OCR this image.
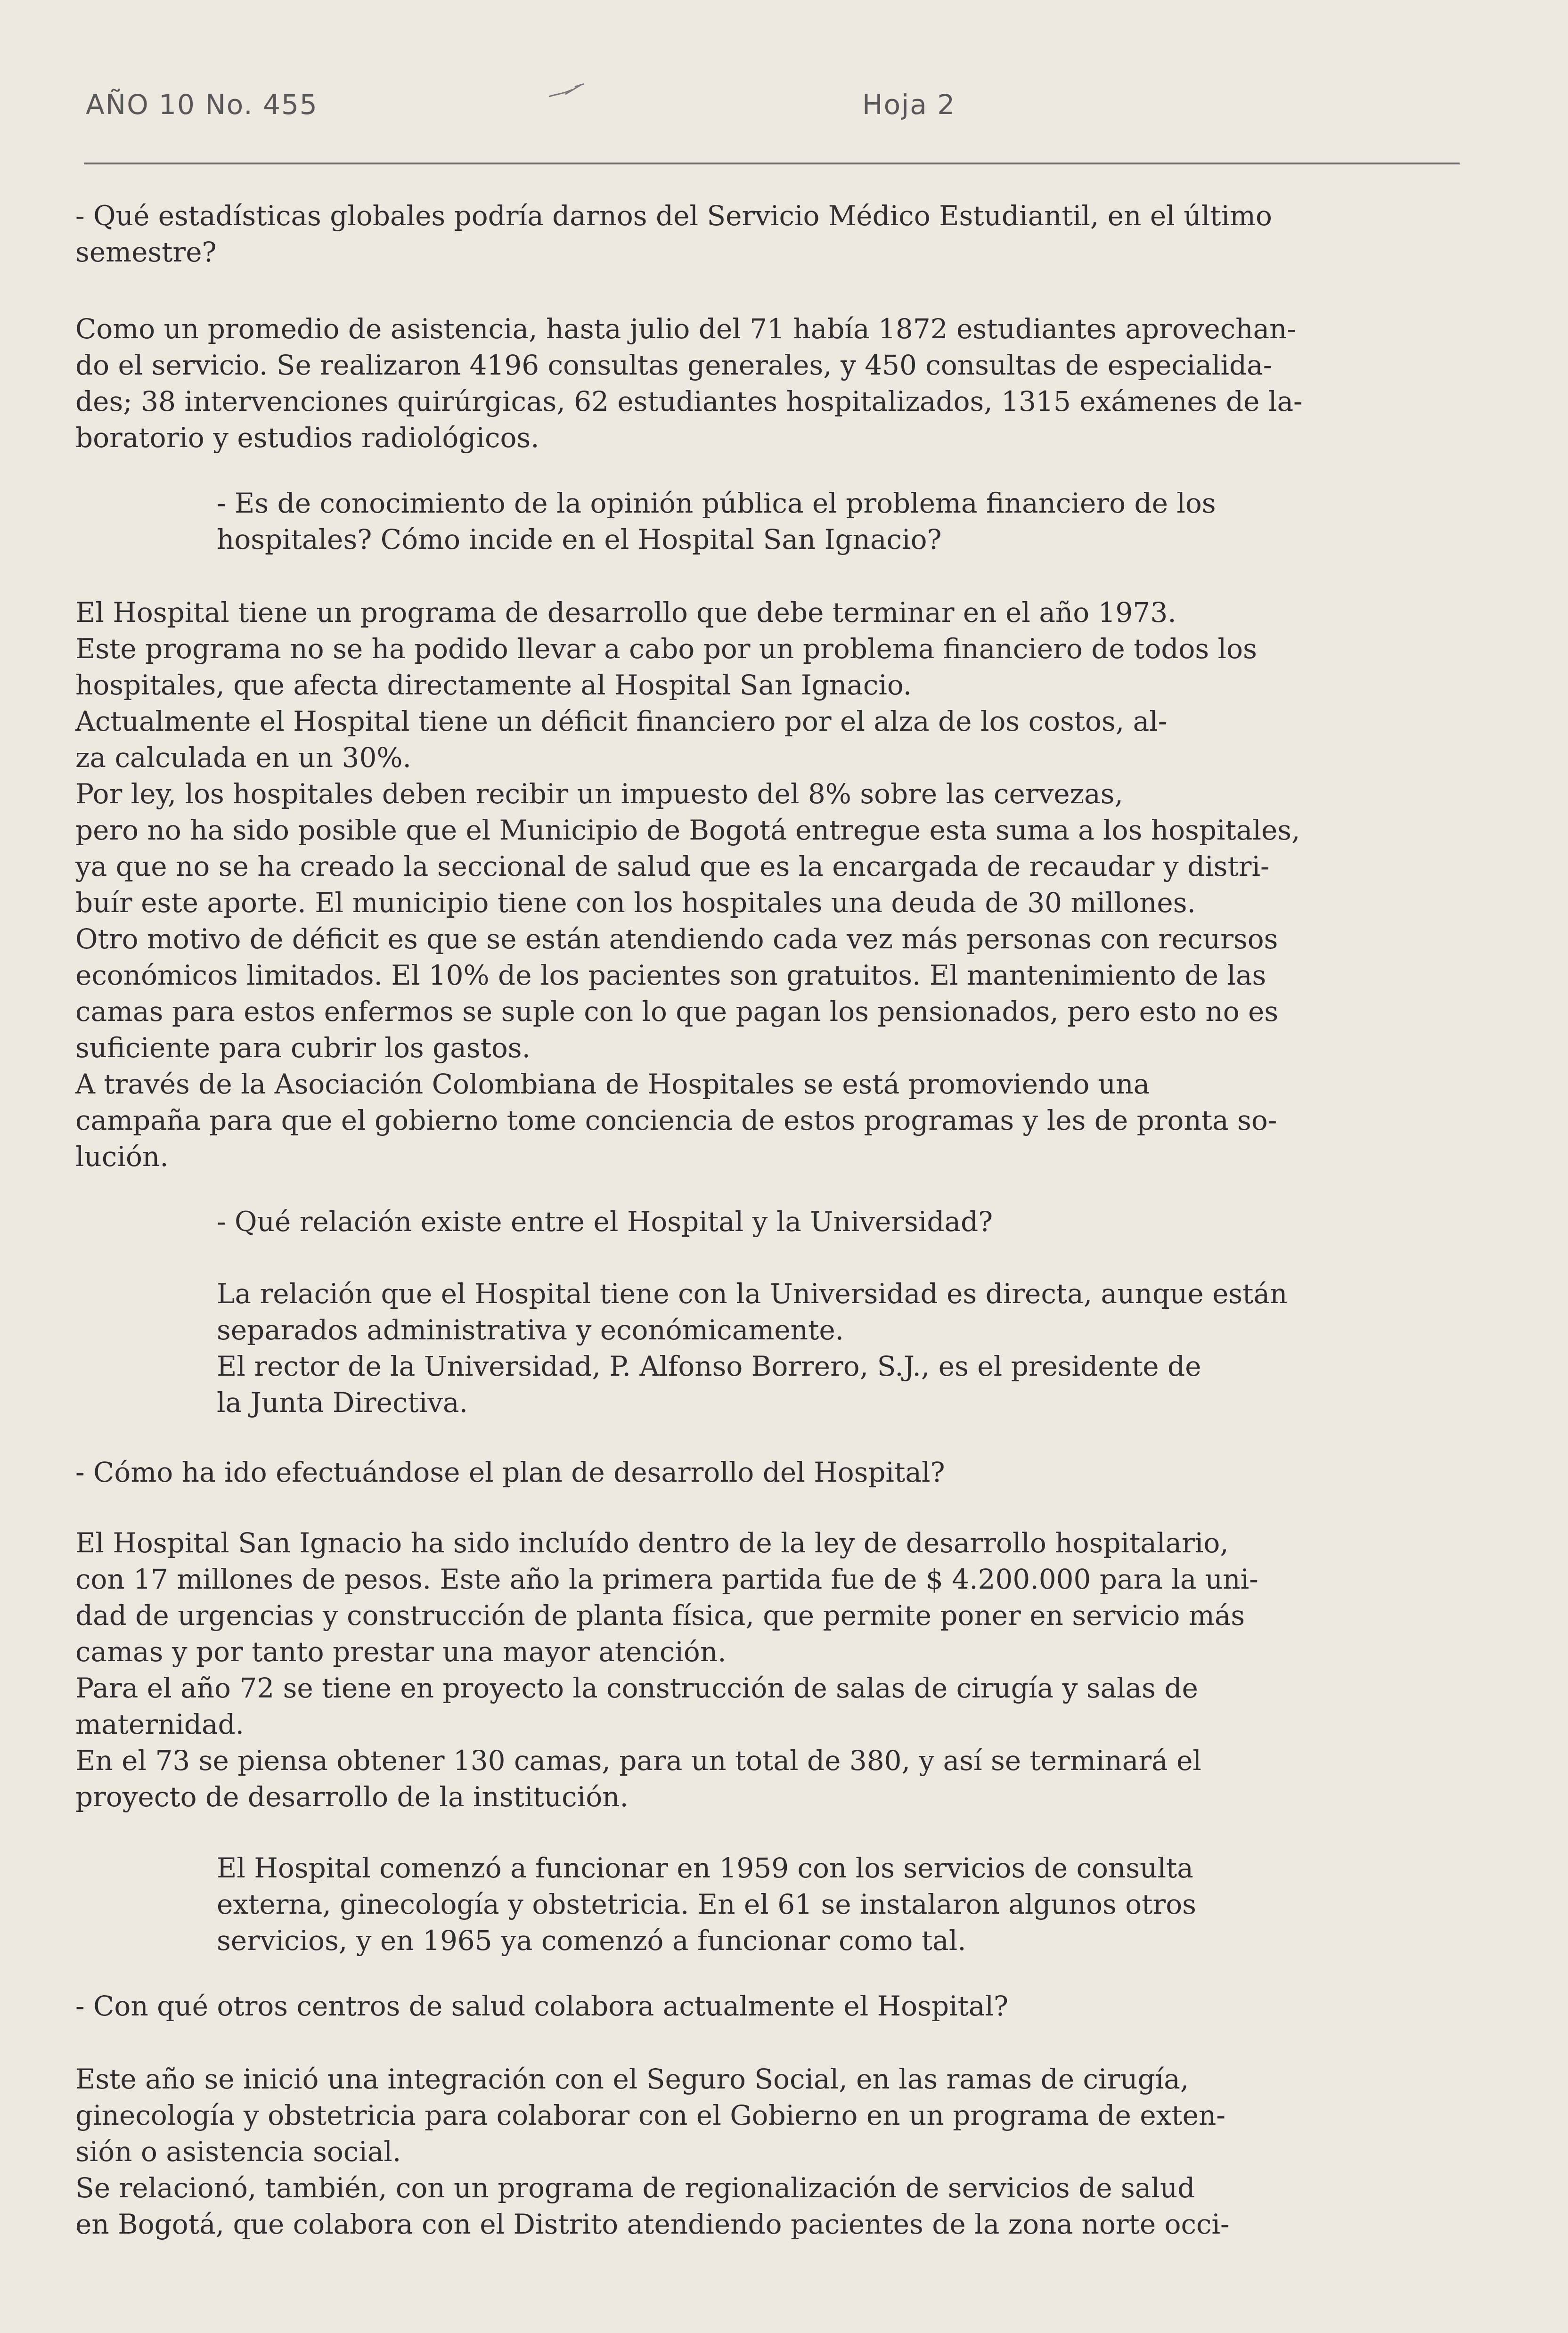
AÑO 10 No. 455	Hoja 2

- Qué estadísticas globales podría darnos del Servicio Médico Estudiantil, en el último
semestre?

Como un promedio de asistencia, hasta julio del 71 había 1872 estudiantes aprovechan-
do el servicio. Se realizaron 4196 consultas generales, y 450 consultas de especialida-
des; 38 intervenciones quirúrgicas, 62 estudiantes hospitalizados, 1315 exámenes de la-
boratorio y estudios radiológicos.

- Es de conocimiento de la opinión pública el problema financiero de los
hospitales? Cómo incide en el Hospital San Ignacio?

El Hospital tiene un programa de desarrollo que debe terminar en el año 1973.
Este programa no se ha podido llevar a cabo por un problema financiero de todos los
hospitales, que afecta directamente al Hospital San Ignacio.
Actualmente el Hospital tiene un déficit financiero por el alza de los costos, al-
za calculada en un 30%.
Por ley, los hospitales deben recibir un impuesto del 8% sobre las cervezas,
pero no ha sido posible que el Municipio de Bogotá entregue esta suma a los hospitales,
ya que no se ha creado la seccional de salud que es la encargada de recaudar y distri-
buír este aporte. El municipio tiene con los hospitales una deuda de 30 millones.
Otro motivo de déficit es que se están atendiendo cada vez más personas con recursos
económicos limitados. El 10% de los pacientes son gratuitos. El mantenimiento de las
camas para estos enfermos se suple con lo que pagan los pensionados, pero esto no es
suficiente para cubrir los gastos.
A través de la Asociación Colombiana de Hospitales se está promoviendo una
campaña para que el gobierno tome conciencia de estos programas y les de pronta so-
lución.

- Qué relación existe entre el Hospital y la Universidad?

La relación que el Hospital tiene con la Universidad es directa, aunque están
separados administrativa y económicamente.
El rector de la Universidad, P. Alfonso Borrero, S.J., es el presidente de
la Junta Directiva.

- Cómo ha ido efectuándose el plan de desarrollo del Hospital?

El Hospital San Ignacio ha sido incluído dentro de la ley de desarrollo hospitalario,
con 17 millones de pesos. Este año la primera partida fue de $ 4.200.000 para la uni-
dad de urgencias y construcción de planta física, que permite poner en servicio más
camas y por tanto prestar una mayor atención.
Para el año 72 se tiene en proyecto la construcción de salas de cirugía y salas de
maternidad.
En el 73 se piensa obtener 130 camas, para un total de 380, y así se terminará el
proyecto de desarrollo de la institución.

El Hospital comenzó a funcionar en 1959 con los servicios de consulta
externa, ginecología y obstetricia. En el 61 se instalaron algunos otros
servicios, y en 1965 ya comenzó a funcionar como tal.

- Con qué otros centros de salud colabora actualmente el Hospital?

Este año se inició una integración con el Seguro Social, en las ramas de cirugía,
ginecología y obstetricia para colaborar con el Gobierno en un programa de exten-
sión o asistencia social.
Se relacionó, también, con un programa de regionalización de servicios de salud
en Bogotá, que colabora con el Distrito atendiendo pacientes de la zona norte occi-
